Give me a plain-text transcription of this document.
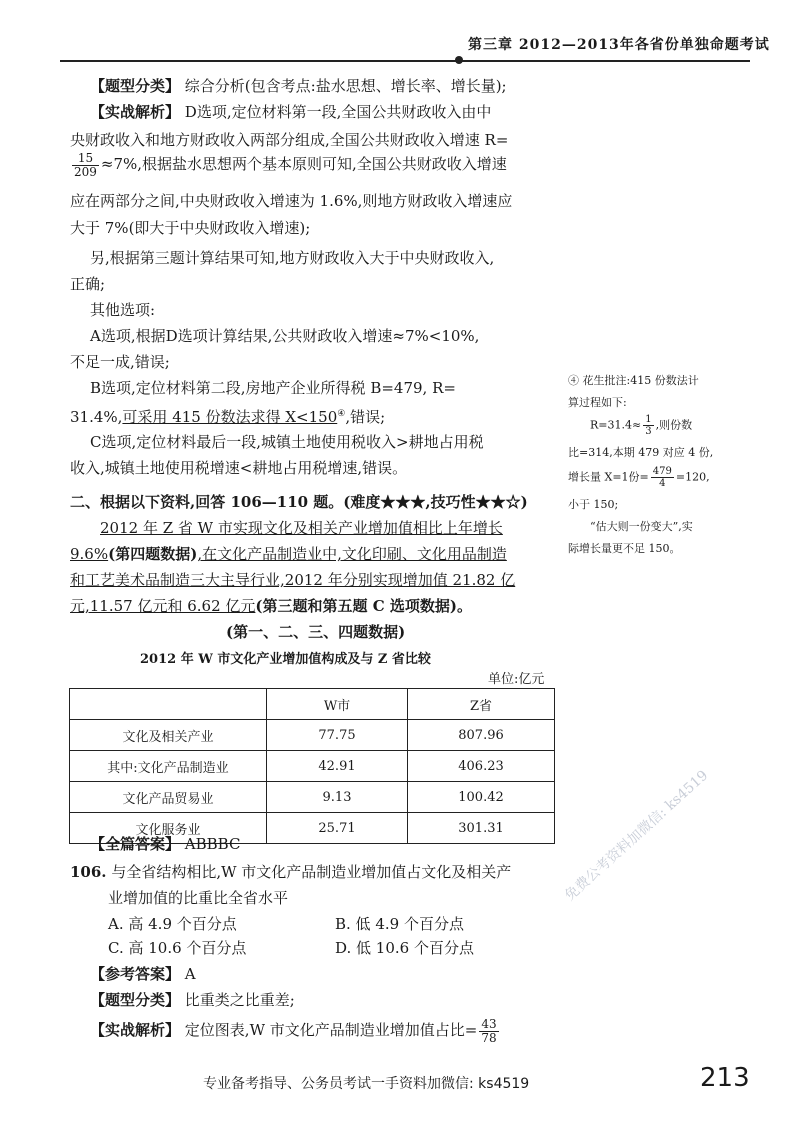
第三章 2012—2013年各省份单独命题考试
【题型分类】 综合分析(包含考点:盐水思想、增长率、增长量);
【实战解析】 D选项,定位材料第一段,全国公共财政收入由中
央财政收入和地方财政收入两部分组成,全国公共财政收入增速 R=
$\frac{15}{209} \approx 7\%$,根据盐水思想两个基本原则可知,全国公共财政收入增速
应在两部分之间,中央财政收入增速为 1.6%,则地方财政收入增速应
大于 7%(即大于中央财政收入增速);
另,根据第三题计算结果可知,地方财政收入大于中央财政收入,
正确;
其他选项:
A选项,根据D选项计算结果,公共财政收入增速≈7%<10%,
不足一成,错误;
B选项,定位材料第二段,房地产企业所得税 B=479, R=
31.4%,可采用 415 份数法求得 X<150④,错误;
C选项,定位材料最后一段,城镇土地使用税收入>耕地占用税
收入,城镇土地使用税增速<耕地占用税增速,错误。
④ 花生批注:415 份数法计
算过程如下:
$R=31.4\approx \frac{1}{3}$ ,则份数
比=314,本期 479 对应 4 份,
增长量 X=1份= $\frac{479}{4} =120$,
小于 150;
“估大则一份变大”,实
际增长量更不足 150。
二、根据以下资料,回答 106—110 题。(难度★★★,技巧性★★☆)
2012 年 Z 省 W 市实现文化及相关产业增加值相比上年增长
9.6%(第四题数据),在文化产品制造业中,文化印刷、文化用品制造
和工艺美术品制造三大主导行业,2012 年分别实现增加值 21.82 亿
元,11.57 亿元和 6.62 亿元(第三题和第五题 C 选项数据)。
(第一、二、三、四题数据)
2012 年 W 市文化产业增加值构成及与 Z 省比较
单位:亿元
	W市	Z省
文化及相关产业	77.75	807.96
其中:文化产品制造业	42.91	406.23
文化产品贸易业	9.13	100.42
文化服务业	25.71	301.31
【全篇答案】 ABBBC
106. 与全省结构相比,W 市文化产品制造业增加值占文化及相关产
业增加值的比重比全省水平
A. 高 4.9 个百分点	B. 低 4.9 个百分点
C. 高 10.6 个百分点	D. 低 10.6 个百分点
【参考答案】 A
【题型分类】 比重类之比重差;
【实战解析】 定位图表,W 市文化产品制造业增加值占比= $\frac{43}{78}$
免费公考资料加微信: ks4519
专业备考指导、公务员考试一手资料加微信: ks4519	213
